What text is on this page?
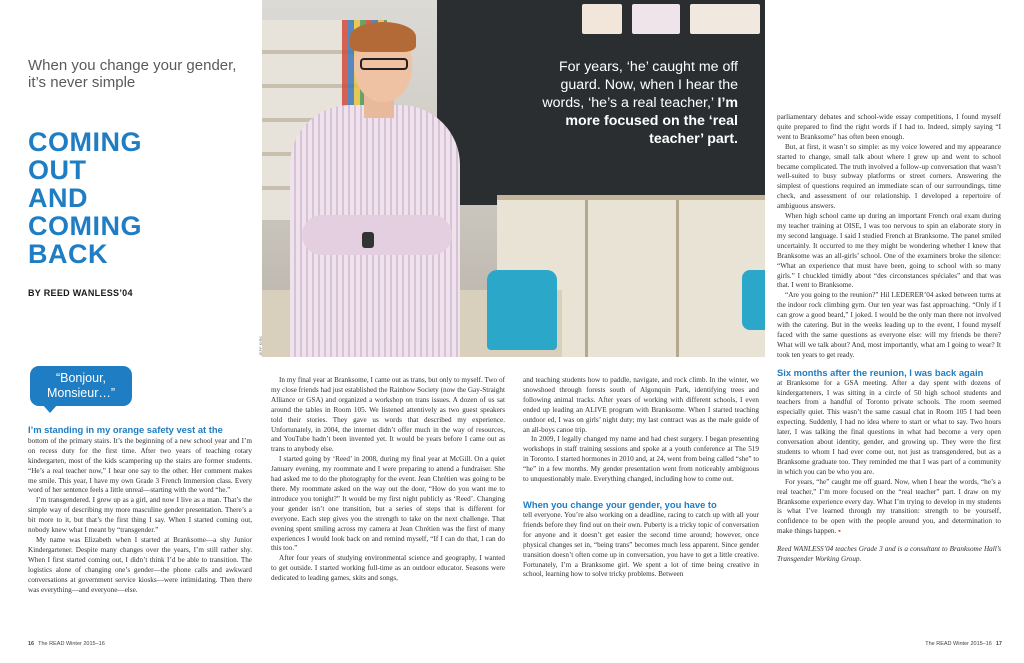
JEFF KIRK
For years, ‘he’ caught me off guard. Now, when I hear the words, ‘he’s a real teacher,’ I’m more focused on the ‘real teacher’ part.
When you change your gender, it’s never simple
COMING
OUT
AND
COMING
BACK
BY REED WANLESS’04
“Bonjour,
Monsieur…”

I’m standing in my orange safety vest at the

bottom of the primary stairs. It’s the beginning of a new school year and I’m on recess duty for the first time. After two years of teaching rotary kindergarten, most of the kids scampering up the stairs are former students. “He’s a real teacher now,” I hear one say to the other. Her comment makes me smile. This year, I have my own Grade 3 French Immersion class. Every word of her sentence feels a little unreal—starting with the word “he.”

I’m transgendered. I grew up as a girl, and now I live as a man. That’s the simple way of describing my more masculine gender presentation. There’s a bit more to it, but that’s the first thing I say. When I started coming out, nobody knew what I meant by “transgender.”

My name was Elizabeth when I started at Branksome—a shy Junior Kindergartener. Despite many changes over the years, I’m still rather shy. When I first started coming out, I didn’t think I’d be able to transition. The logistics alone of changing one’s gender—the phone calls and awkward conversations at government service kiosks—were intimidating. Then there was everything—and everyone—else.

In my final year at Branksome, I came out as trans, but only to myself. Two of my close friends had just established the Rainbow Society (now the Gay-Straight Alliance or GSA) and organized a workshop on trans issues. A dozen of us sat around the tables in Room 105. We listened attentively as two guest speakers told their stories. They gave us words that described my experience. Unfortunately, in 2004, the internet didn’t offer much in the way of resources, and YouTube hadn’t been invented yet. It would be years before I came out as trans to anybody else.

I started going by ‘Reed’ in 2008, during my final year at McGill. On a quiet January evening, my roommate and I were preparing to attend a fundraiser. She had asked me to do the photography for the event. Jean Chrétien was going to be there. My roommate asked on the way out the door, “How do you want me to introduce you tonight?” It would be my first night publicly as ‘Reed’. Changing your gender isn’t one transition, but a series of steps that is different for everyone. Each step gives you the strength to take on the next challenge. That evening spent smiling across my camera at Jean Chrétien was the first of many experiences I would look back on and remind myself, “If I can do that, I can do this too.”

After four years of studying environmental science and geography, I wanted to get outside. I started working full-time as an outdoor educator. Seasons were dedicated to leading games, skits and songs,

and teaching students how to paddle, navigate, and rock climb. In the winter, we snowshoed through forests south of Algonquin Park, identifying trees and following animal tracks. After years of working with different schools, I even ended up leading an ALIVE program with Branksome. When I started teaching outdoor ed, I was on girls’ night duty; my last contract was as the male guide of an all-boys canoe trip.

In 2009, I legally changed my name and had chest surgery. I began presenting workshops in staff training sessions and spoke at a youth conference at The 519 in Toronto. I started hormones in 2010 and, at 24, went from being called “she” to “he” in a few months. My gender presentation went from noticeably ambiguous to unquestionably male. Everything changed, including how to come out.

When you change your gender, you have to

tell everyone. You’re also working on a deadline, racing to catch up with all your friends before they find out on their own. Puberty is a tricky topic of conversation for anyone and it doesn’t get easier the second time around; however, once physical changes set in, “being trans” becomes much less apparent. Since gender transition doesn’t often come up in conversation, you have to get a little creative. Fortunately, I’m a Branksome girl. We spent a lot of time being creative in school, learning how to solve tricky problems. Between

parliamentary debates and school-wide essay competitions, I found myself quite prepared to find the right words if I had to. Indeed, simply saying “I went to Branksome” has often been enough.

But, at first, it wasn’t so simple: as my voice lowered and my appearance started to change, small talk about where I grew up and went to school became complicated. The truth involved a follow-up conversation that wasn’t well-suited to busy subway platforms or street corners. Answering the simplest of questions required an immediate scan of our surroundings, time check, and assessment of our relationship. I developed a repertoire of ambiguous answers.

When high school came up during an important French oral exam during my teacher training at OISE, I was too nervous to spin an elaborate story in my second language. I said I studied French at Branksome. The panel smiled uncertainly. It occurred to me they might be wondering whether I knew that Branksome was an all-girls’ school. One of the examiners broke the silence: “What an experience that must have been, going to school with so many girls.” I chuckled timidly about “des circonstances spéciales” and that was that. I went to Branksome.

“Are you going to the reunion?” Hil LEDERER’04 asked between turns at the indoor rock climbing gym. Our ten year was fast approaching. “Only if I can grow a good beard,” I joked. I would be the only man there not involved with the catering. But in the weeks leading up to the event, I found myself faced with the same questions as everyone else: will my friends be there? What will we talk about? And, most importantly, what am I going to wear? It took ten years to get ready.

Six months after the reunion, I was back again

at Branksome for a GSA meeting. After a day spent with dozens of kindergarteners, I was sitting in a circle of 50 high school students and teachers from a handful of Toronto private schools. The room seemed especially quiet. This wasn’t the same casual chat in Room 105 I had been expecting. Suddenly, I had no idea where to start or what to say. Two hours later, I was talking the final questions in what had become a very open conversation about identity, gender, and growing up. They were the first students to whom I had ever come out, not just as transgendered, but as a Branksome graduate too. They reminded me that I was part of a community in which you can be who you are.

For years, “he” caught me off guard. Now, when I hear the words, “he’s a real teacher,” I’m more focused on the “real teacher” part. I draw on my Branksome experience every day. What I’m trying to develop in my students is what I’ve learned through my transition: strength to be yourself, confidence to be open with the people around you, and determination to make things happen. ▪

Reed WANLESS’04 teaches Grade 3 and is a consultant to Branksome Hall’s Transgender Working Group.

16 The READ Winter 2015–16	The READ Winter 2015–16 17
